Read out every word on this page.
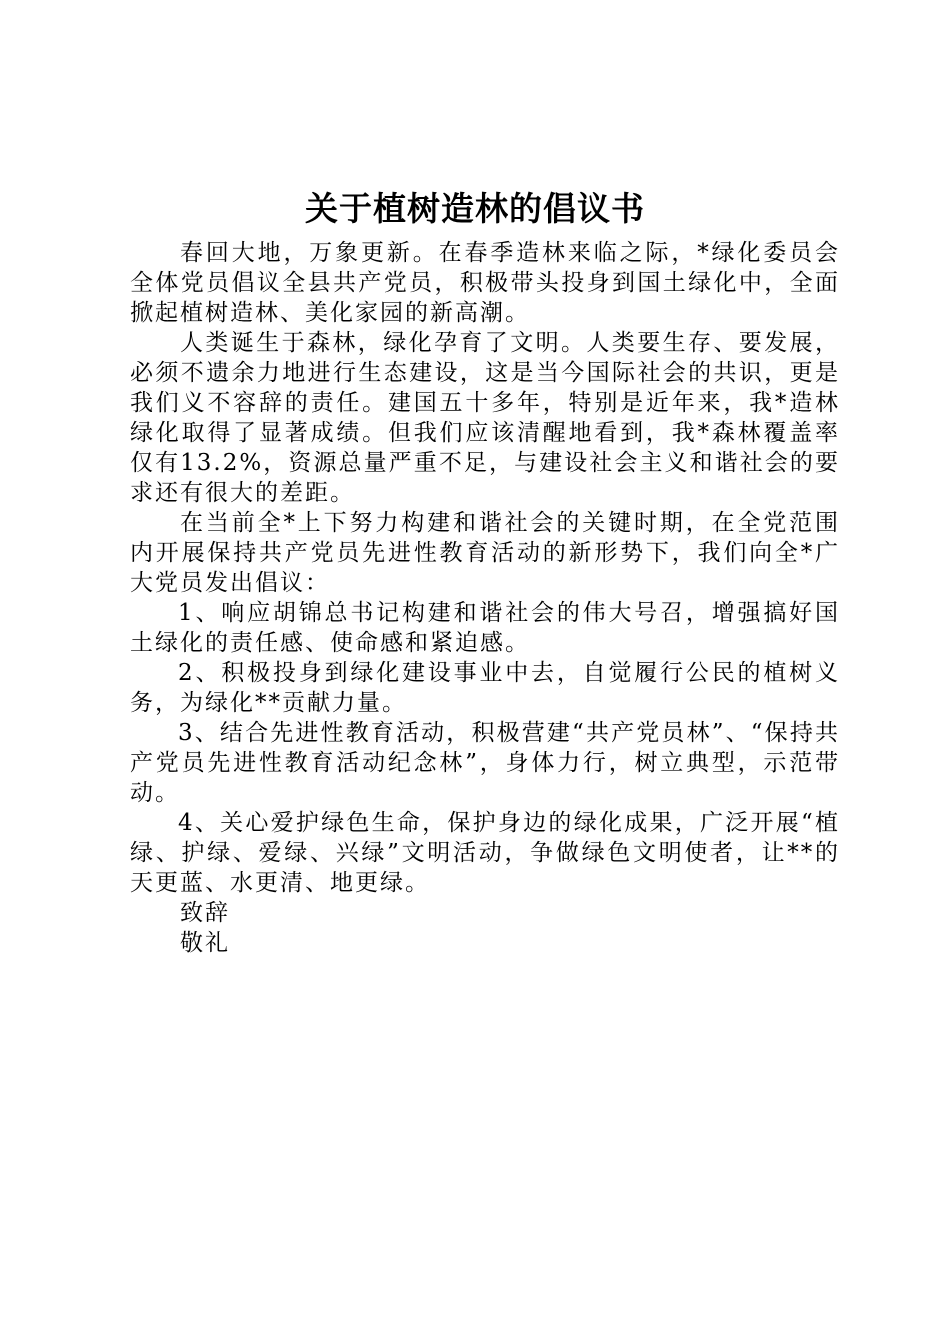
关于植树造林的倡议书

春回大地，万象更新。在春季造林来临之际，*绿化委员会全体党员倡议全县共产党员，积极带头投身到国土绿化中，全面掀起植树造林、美化家园的新高潮。

人类诞生于森林，绿化孕育了文明。人类要生存、要发展，必须不遗余力地进行生态建设，这是当今国际社会的共识，更是我们义不容辞的责任。建国五十多年，特别是近年来，我*造林绿化取得了显著成绩。但我们应该清醒地看到，我*森林覆盖率仅有13.2%，资源总量严重不足，与建设社会主义和谐社会的要求还有很大的差距。

在当前全*上下努力构建和谐社会的关键时期，在全党范围内开展保持共产党员先进性教育活动的新形势下，我们向全*广大党员发出倡议：

1、响应胡锦总书记构建和谐社会的伟大号召，增强搞好国土绿化的责任感、使命感和紧迫感。

2、积极投身到绿化建设事业中去，自觉履行公民的植树义务，为绿化**贡献力量。

3、结合先进性教育活动，积极营建“共产党员林”、“保持共产党员先进性教育活动纪念林”，身体力行，树立典型，示范带动。

4、关心爱护绿色生命，保护身边的绿化成果，广泛开展“植绿、护绿、爱绿、兴绿”文明活动，争做绿色文明使者，让**的天更蓝、水更清、地更绿。

致辞

敬礼
